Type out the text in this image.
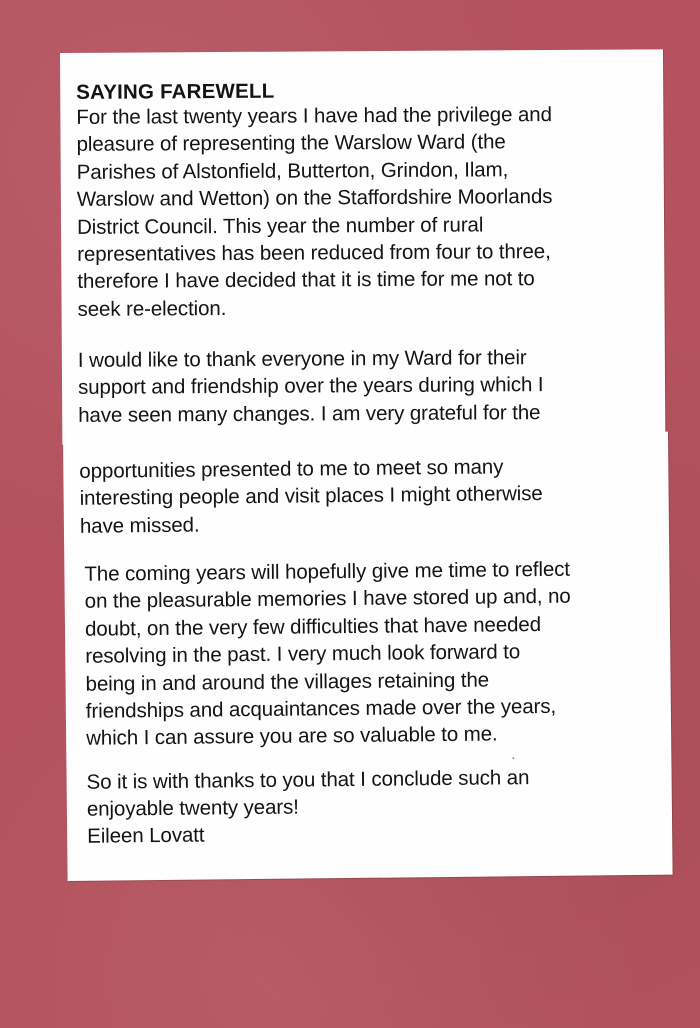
SAYING FAREWELL
For the last twenty years I have had the privilege and
pleasure of representing the Warslow Ward (the
Parishes of Alstonfield, Butterton, Grindon, Ilam,
Warslow and Wetton) on the Staffordshire Moorlands
District Council. This year the number of rural
representatives has been reduced from four to three,
therefore I have decided that it is time for me not to
seek re-election.
I would like to thank everyone in my Ward for their
support and friendship over the years during which I
have seen many changes. I am very grateful for the
opportunities presented to me to meet so many
interesting people and visit places I might otherwise
have missed.
The coming years will hopefully give me time to reflect
on the pleasurable memories I have stored up and, no
doubt, on the very few difficulties that have needed
resolving in the past. I very much look forward to
being in and around the villages retaining the
friendships and acquaintances made over the years,
which I can assure you are so valuable to me.
So it is with thanks to you that I conclude such an
enjoyable twenty years!
Eileen Lovatt
